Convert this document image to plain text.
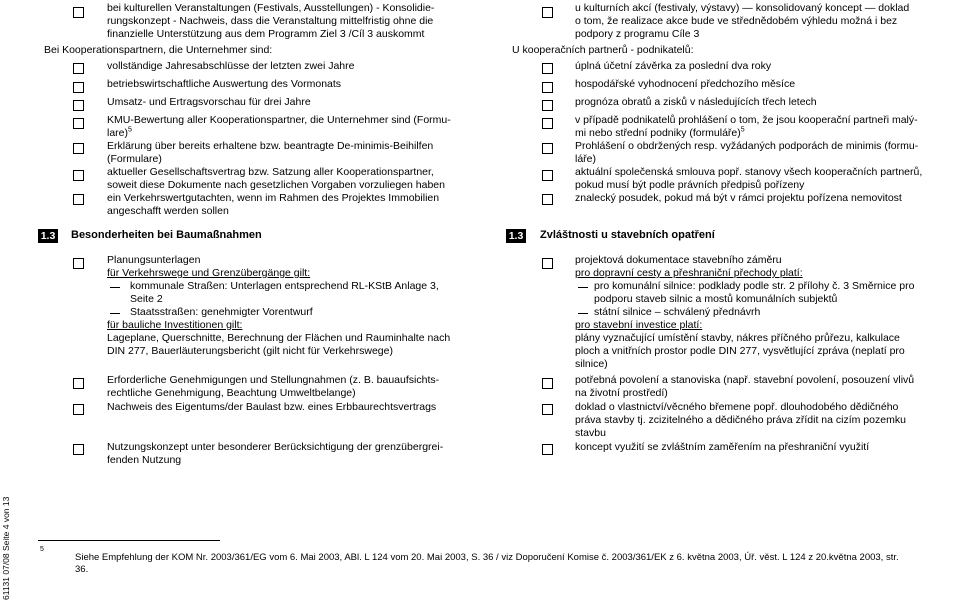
bei kulturellen Veranstaltungen (Festivals, Ausstellungen) - Konsolidie-
rungskonzept - Nachweis, dass die Veranstaltung mittelfristig ohne die
finanzielle Unterstützung aus dem Programm Ziel 3 /Cíl 3 auskommt
Bei Kooperationspartnern, die Unternehmer sind:
vollständige Jahresabschlüsse der letzten zwei Jahre
betriebswirtschaftliche Auswertung des Vormonats
Umsatz- und Ertragsvorschau für drei Jahre
KMU-Bewertung aller Kooperationspartner, die Unternehmer sind (Formu-
lare)$^5$
Erklärung über bereits erhaltene bzw. beantragte De-minimis-Beihilfen
(Formulare)
aktueller Gesellschaftsvertrag bzw. Satzung aller Kooperationspartner,
soweit diese Dokumente nach gesetzlichen Vorgaben vorzuliegen haben
ein Verkehrswertgutachten, wenn im Rahmen des Projektes Immobilien
angeschafft werden sollen
1.3 Besonderheiten bei Baumaßnahmen
Planungsunterlagen
für Verkehrswege und Grenzübergänge gilt:
kommunale Straßen: Unterlagen entsprechend RL-KStB Anlage 3,
Seite 2
Staatsstraßen: genehmigter Vorentwurf
für bauliche Investitionen gilt:
Lageplane, Querschnitte, Berechnung der Flächen und Rauminhalte nach
DIN 277, Bauerläuterungsbericht (gilt nicht für Verkehrswege)
Erforderliche Genehmigungen und Stellungnahmen (z. B. bauaufsichts-
rechtliche Genehmigung, Beachtung Umweltbelange)
Nachweis des Eigentums/der Baulast bzw. eines Erbbaurechtsvertrags
Nutzungskonzept unter besonderer Berücksichtigung der grenzübergrei-
fenden Nutzung
u kulturních akcí (festivaly, výstavy) — konsolidovaný koncept — doklad
o tom, že realizace akce bude ve střednědobém výhledu možná i bez
podpory z programu Cíle 3
U kooperačních partnerů - podnikatelů:
úplná účetní závěrka za poslední dva roky
hospodářské vyhodnocení předchozího měsíce
prognóza obratů a zisků v následujících třech letech
v případě podnikatelů prohlášení o tom, že jsou kooperační partneři malý-
mi nebo střední podniky (formuláře)$^5$
Prohlášení o obdržených resp. vyžádaných podporách de minimis (formu-
láře)
aktuální společenská smlouva popř. stanovy všech kooperačních partnerů,
pokud musí být podle právních předpisů pořízeny
znalecký posudek, pokud má být v rámci projektu pořízena nemovitost
1.3 Zvláštnosti u stavebních opatření
projektová dokumentace stavebního záměru
pro dopravní cesty a přeshraniční přechody platí:
pro komunální silnice: podklady podle str. 2 přílohy č. 3 Směrnice pro
podporu staveb silnic a mostů komunálních subjektů
státní silnice – schválený přednávrh
pro stavební investice platí:
plány vyznačující umístění stavby, nákres příčného průřezu, kalkulace
ploch a vnitřních prostor podle DIN 277, vysvětlující zpráva (neplatí pro
silnice)
potřebná povolení a stanoviska (např. stavební povolení, posouzení vlivů
na životní prostředí)
doklad o vlastnictví/věcného břemene popř. dlouhodobého dědičného
práva stavby tj. zcizitelného a dědičného práva zřídit na cizím pozemku
stavbu
koncept využití se zvláštním zaměřením na přeshraniční využití
5
Siehe Empfehlung der KOM Nr. 2003/361/EG vom 6. Mai 2003, ABl. L 124 vom 20. Mai 2003, S. 36 / viz Doporučení Komise č. 2003/361/EK z 6. května 2003, Úř. věst. L 124 z 20.května 2003, str.
36.
61131 07/08 Seite 4 von 13
